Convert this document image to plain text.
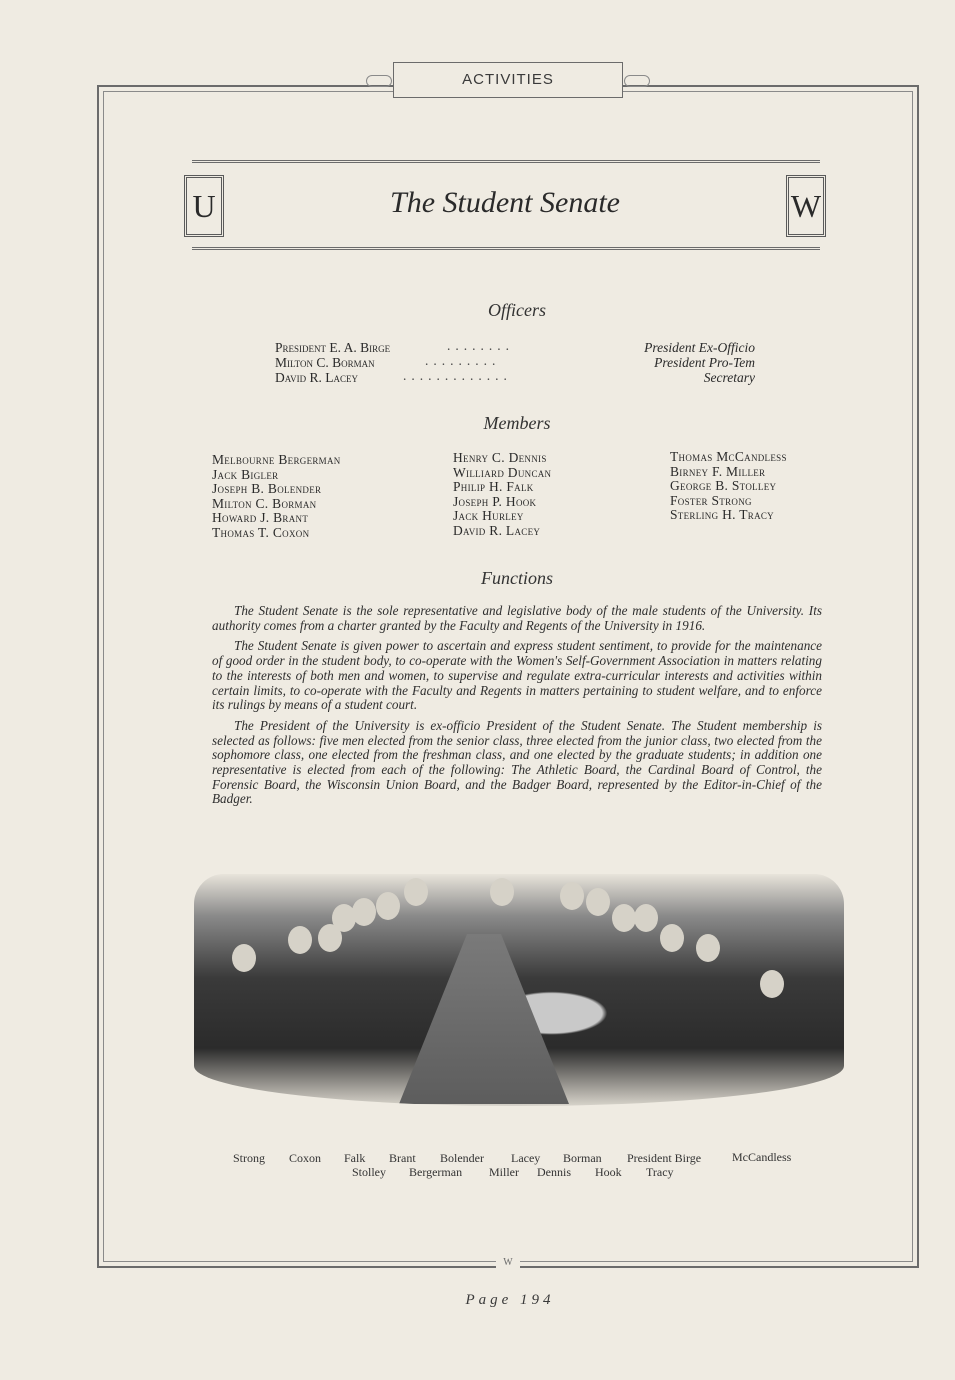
ACTIVITIES
U	W
The Student Senate
Officers
President E. A. Birge	........	President Ex-Officio
Milton C. Borman	.........	President Pro-Tem
David R. Lacey	.............	Secretary
Members
Melbourne Bergerman
Jack Bigler
Joseph B. Bolender
Milton C. Borman
Howard J. Brant
Thomas T. Coxon
Henry C. Dennis
Williard Duncan
Philip H. Falk
Joseph P. Hook
Jack Hurley
David R. Lacey
Thomas McCandless
Birney F. Miller
George B. Stolley
Foster Strong
Sterling H. Tracy
Functions

The Student Senate is the sole representative and legislative body of the male students of the University. Its authority comes from a charter granted by the Faculty and Regents of the University in 1916.

The Student Senate is given power to ascertain and express student sentiment, to provide for the maintenance of good order in the student body, to co-operate with the Women's Self-Government Association in matters relating to the interests of both men and women, to supervise and regulate extra-curricular interests and activities within certain limits, to co-operate with the Faculty and Regents in matters pertaining to student welfare, and to enforce its rulings by means of a student court.

The President of the University is ex-officio President of the Student Senate. The Student membership is selected as follows: five men elected from the senior class, three elected from the junior class, two elected from the sophomore class, one elected from the freshman class, and one elected by the graduate students; in addition one representative is elected from each of the following: The Athletic Board, the Cardinal Board of Control, the Forensic Board, the Wisconsin Union Board, and the Badger Board, represented by the Editor-in-Chief of the Badger.

Strong Coxon Falk Brant Bolender Lacey Borman President Birge	McCandless
Stolley Bergerman Miller Dennis Hook Tracy
W
Page 194
